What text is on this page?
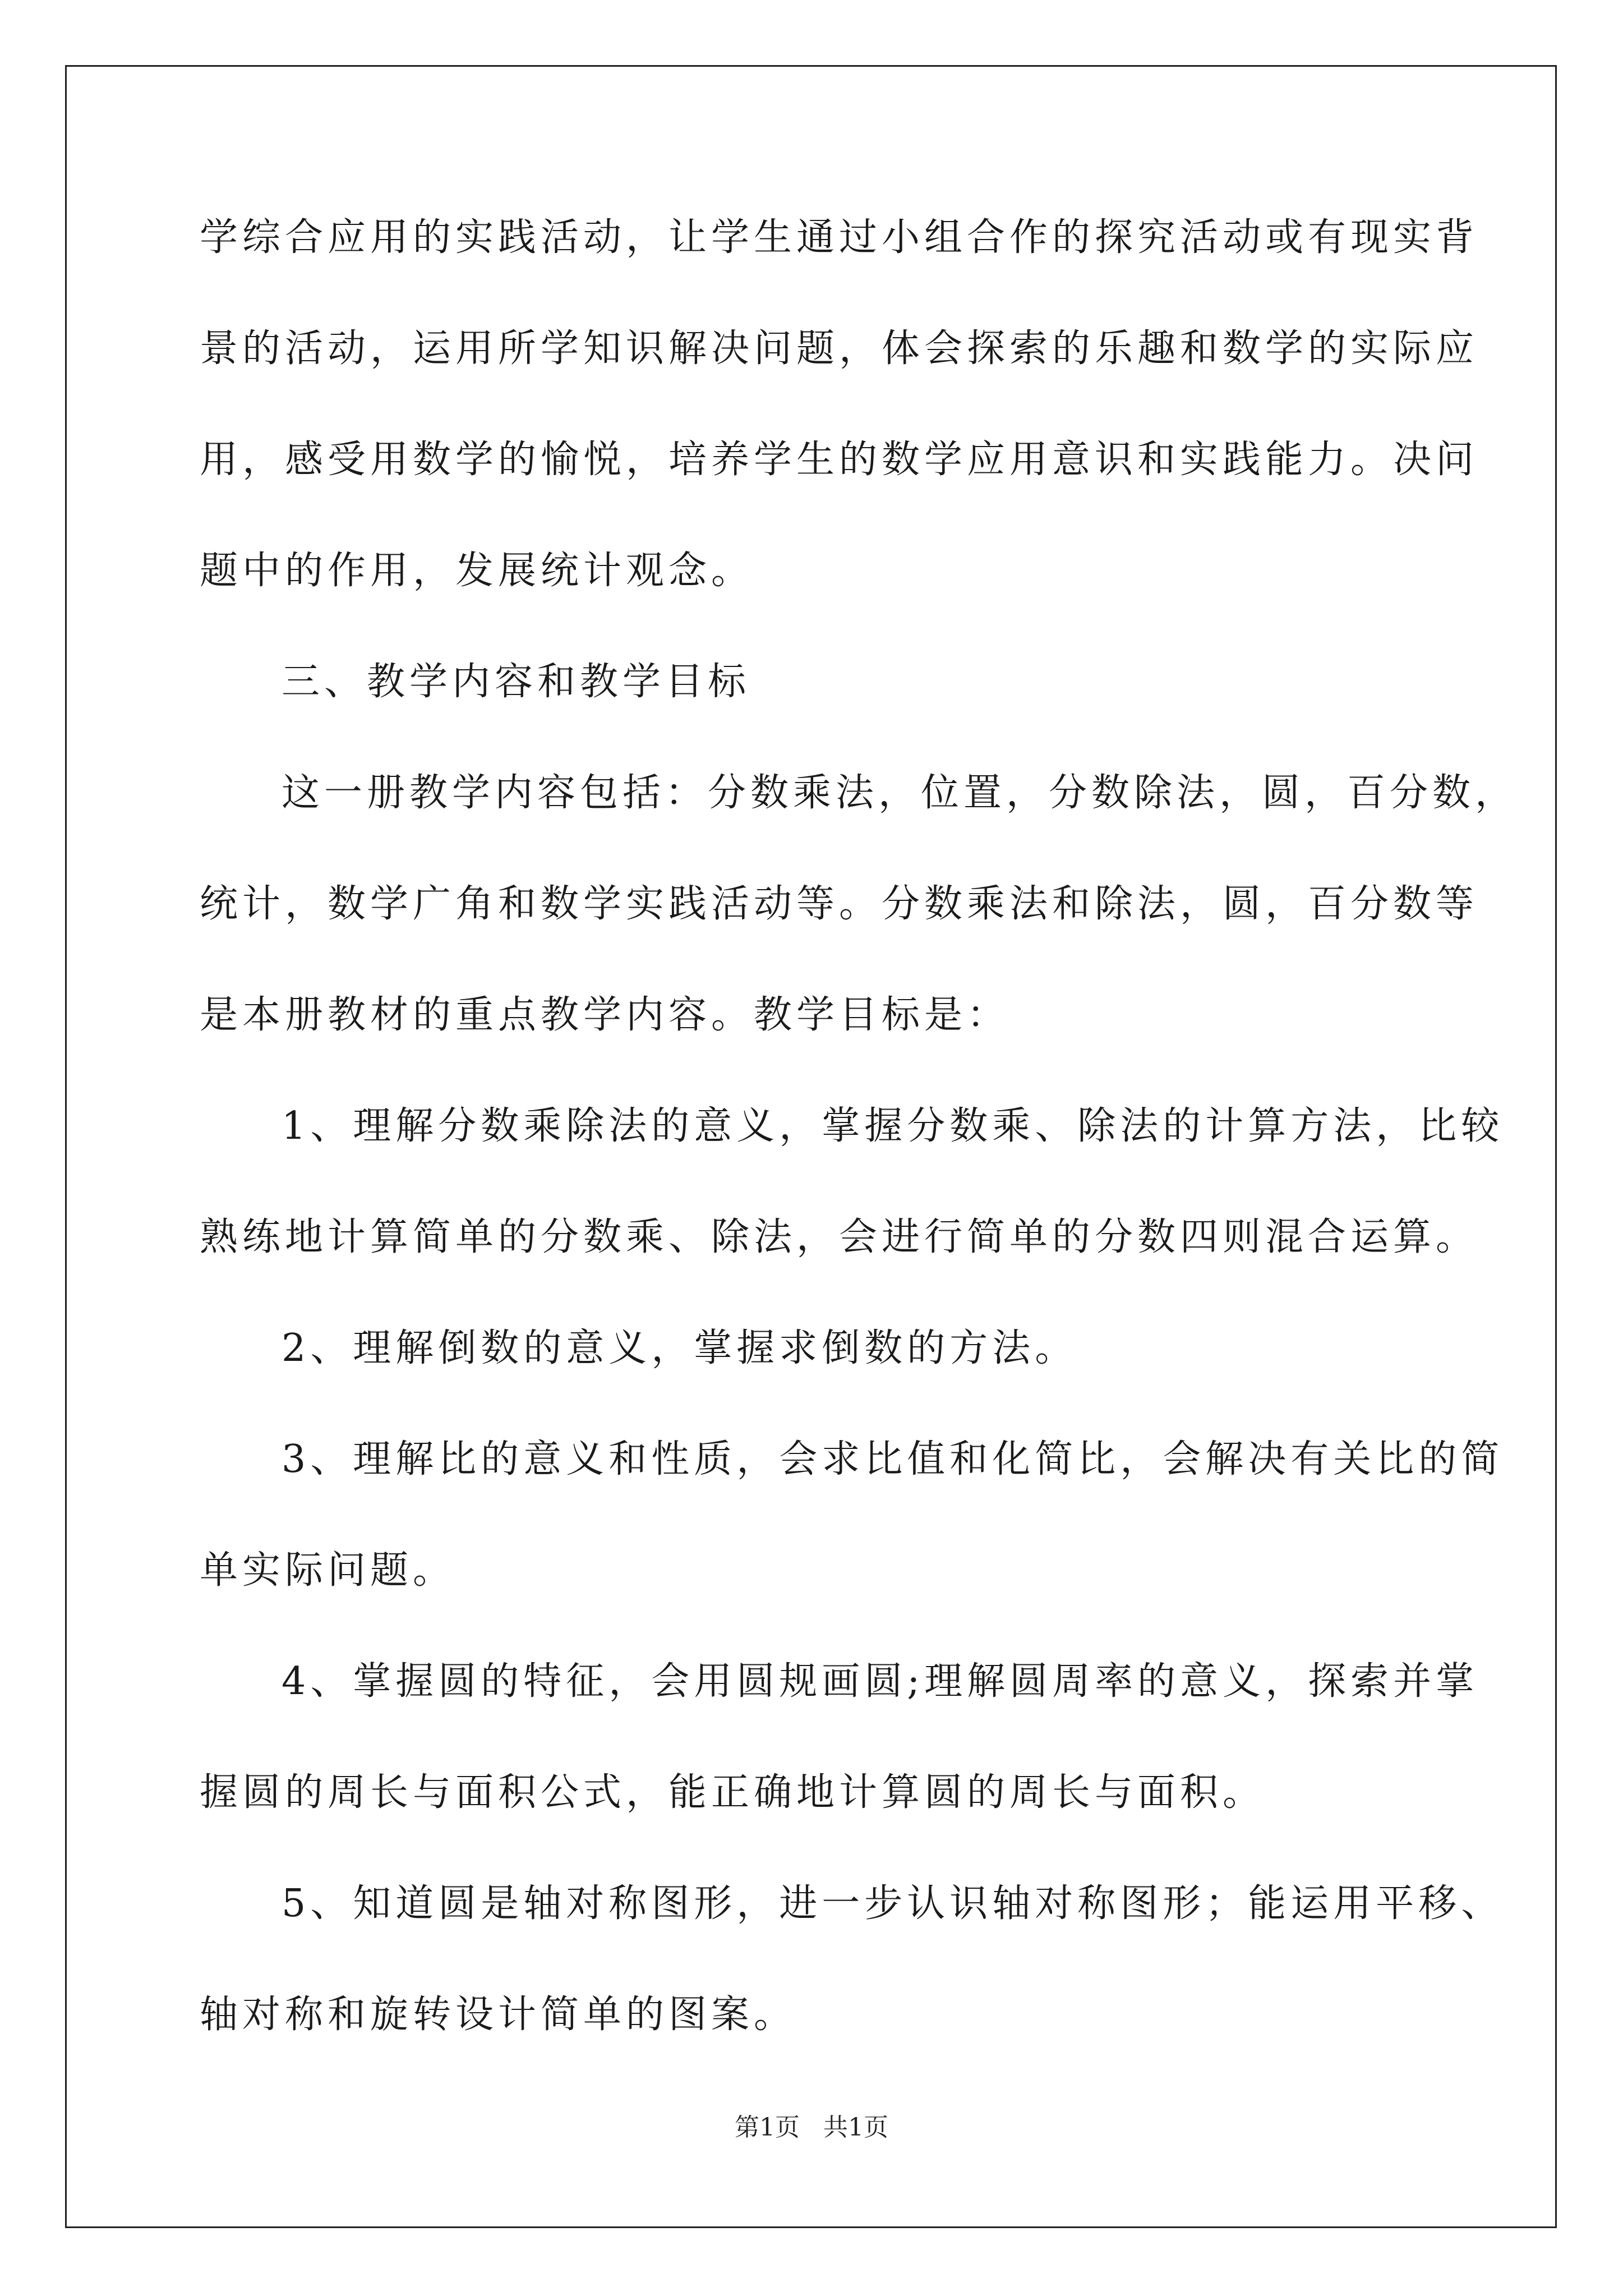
学综合应用的实践活动，让学生通过小组合作的探究活动或有现实背
景的活动，运用所学知识解决问题，体会探索的乐趣和数学的实际应
用，感受用数学的愉悦，培养学生的数学应用意识和实践能力。决问
题中的作用，发展统计观念。
三、教学内容和教学目标
这一册教学内容包括：分数乘法，位置，分数除法，圆，百分数，
统计，数学广角和数学实践活动等。分数乘法和除法，圆，百分数等
是本册教材的重点教学内容。教学目标是：
1、理解分数乘除法的意义，掌握分数乘、除法的计算方法，比较
熟练地计算简单的分数乘、除法，会进行简单的分数四则混合运算。
2、理解倒数的意义，掌握求倒数的方法。
3、理解比的意义和性质，会求比值和化简比，会解决有关比的简
单实际问题。
4、掌握圆的特征，会用圆规画圆;理解圆周率的意义，探索并掌
握圆的周长与面积公式，能正确地计算圆的周长与面积。
5、知道圆是轴对称图形，进一步认识轴对称图形；能运用平移、
轴对称和旋转设计简单的图案。
第1页   共1页
